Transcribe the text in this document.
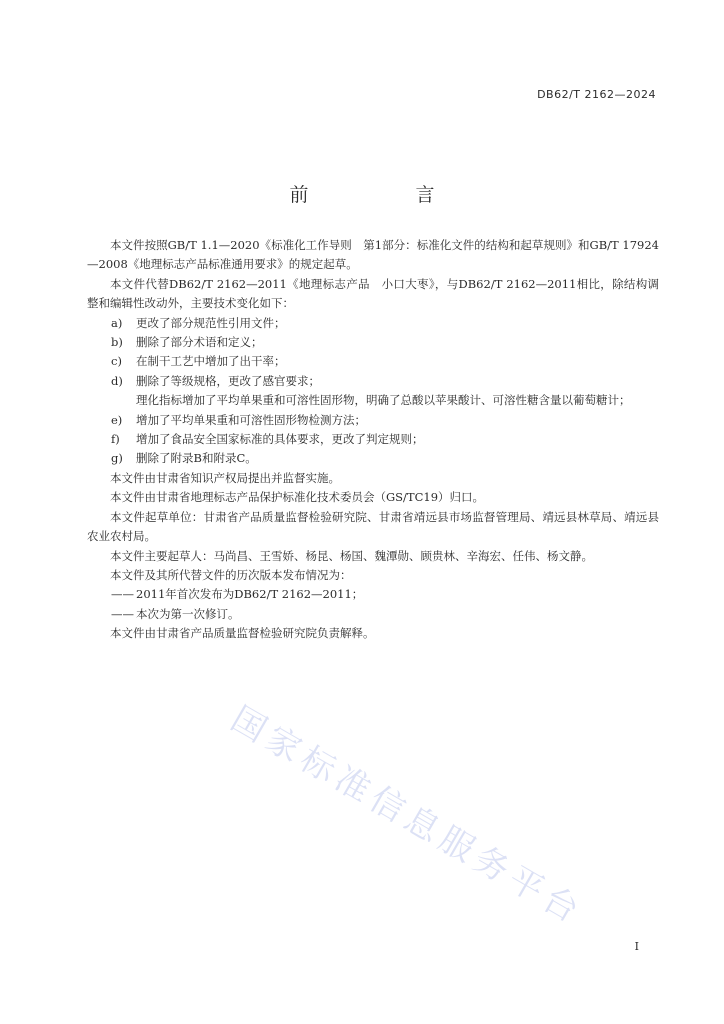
DB62/T 2162—2024
前　言

本文件按照GB/T 1.1—2020《标准化工作导则　第1部分：标准化文件的结构和起草规则》和GB/T 17924—2008《地理标志产品标准通用要求》的规定起草。

本文件代替DB62/T 2162—2011《地理标志产品　小口大枣》，与DB62/T 2162—2011相比，除结构调整和编辑性改动外，主要技术变化如下：

a)	更改了部分规范性引用文件；
b)	删除了部分术语和定义；
c)	在制干工艺中增加了出干率；
d)	删除了等级规格，更改了感官要求；
理化指标增加了平均单果重和可溶性固形物，明确了总酸以苹果酸计、可溶性糖含量以葡萄糖计；
e)	增加了平均单果重和可溶性固形物检测方法；
f)	增加了食品安全国家标准的具体要求，更改了判定规则；
g)	删除了附录B和附录C。

本文件由甘肃省知识产权局提出并监督实施。

本文件由甘肃省地理标志产品保护标准化技术委员会（GS/TC19）归口。

本文件起草单位：甘肃省产品质量监督检验研究院、甘肃省靖远县市场监督管理局、靖远县林草局、靖远县农业农村局。

本文件主要起草人：马尚昌、王雪娇、杨昆、杨国、魏潭勋、顾贵林、辛海宏、任伟、杨文静。

本文件及其所代替文件的历次版本发布情况为：

—— 2011年首次发布为DB62/T 2162—2011；
—— 本次为第一次修订。

本文件由甘肃省产品质量监督检验研究院负责解释。

国家标准信息服务平台
I
